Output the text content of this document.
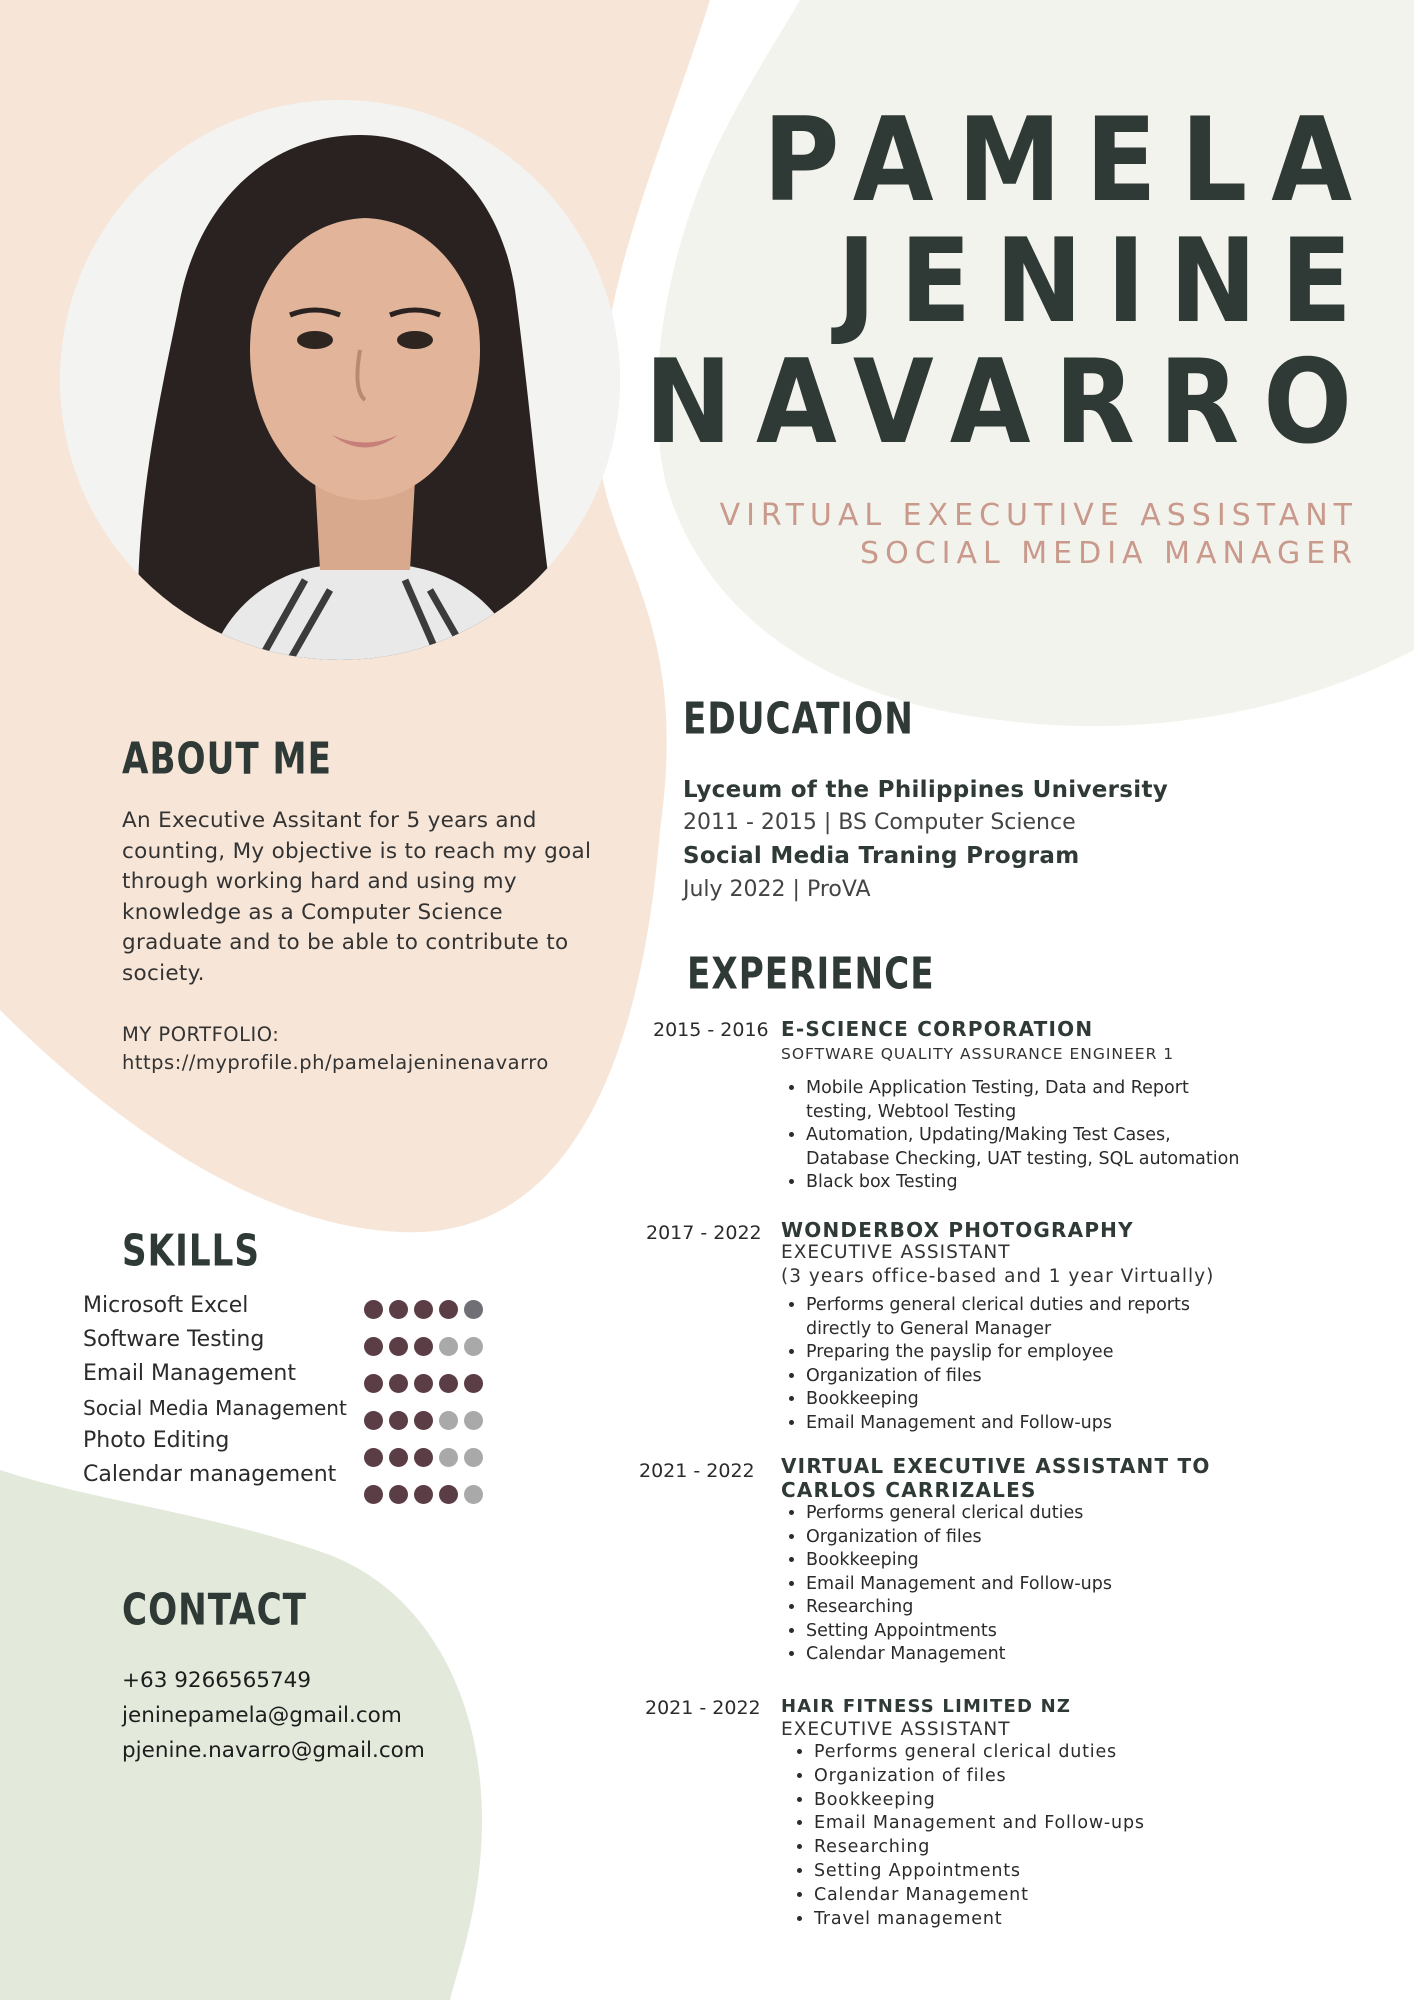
PAMELA
JENINE
NAVARRO
VIRTUAL EXECUTIVE ASSISTANT
SOCIAL MEDIA MANAGER
ABOUT ME

An Executive Assitant for 5 years and counting, My objective is to reach my goal through working hard and using my knowledge as a Computer Science graduate and to be able to contribute to society.

MY PORTFOLIO:
https://myprofile.ph/pamelajeninenavarro
SKILLS
Microsoft Excel
Software Testing
Email Management
Social Media Management
Photo Editing
Calendar management
CONTACT
+63 9266565749
jeninepamela@gmail.com
pjenine.navarro@gmail.com
EDUCATION
Lyceum of the Philippines University
2011 - 2015 | BS Computer Science
Social Media Traning Program
July 2022 | ProVA
EXPERIENCE
2015 - 2016 E-SCIENCE CORPORATION
SOFTWARE QUALITY ASSURANCE ENGINEER 1
• Mobile Application Testing, Data and Report testing, Webtool Testing
• Automation, Updating/Making Test Cases, Database Checking, UAT testing, SQL automation
• Black box Testing
2017 - 2022 WONDERBOX PHOTOGRAPHY
EXECUTIVE ASSISTANT
(3 years office-based and 1 year Virtually)
• Performs general clerical duties and reports directly to General Manager
• Preparing the payslip for employee
• Organization of files
• Bookkeeping
• Email Management and Follow-ups
2021 - 2022 VIRTUAL EXECUTIVE ASSISTANT TO
CARLOS CARRIZALES
• Performs general clerical duties
• Organization of files
• Bookkeeping
• Email Management and Follow-ups
• Researching
• Setting Appointments
• Calendar Management
2021 - 2022 HAIR FITNESS LIMITED NZ
EXECUTIVE ASSISTANT
• Performs general clerical duties
• Organization of files
• Bookkeeping
• Email Management and Follow-ups
• Researching
• Setting Appointments
• Calendar Management
• Travel management
